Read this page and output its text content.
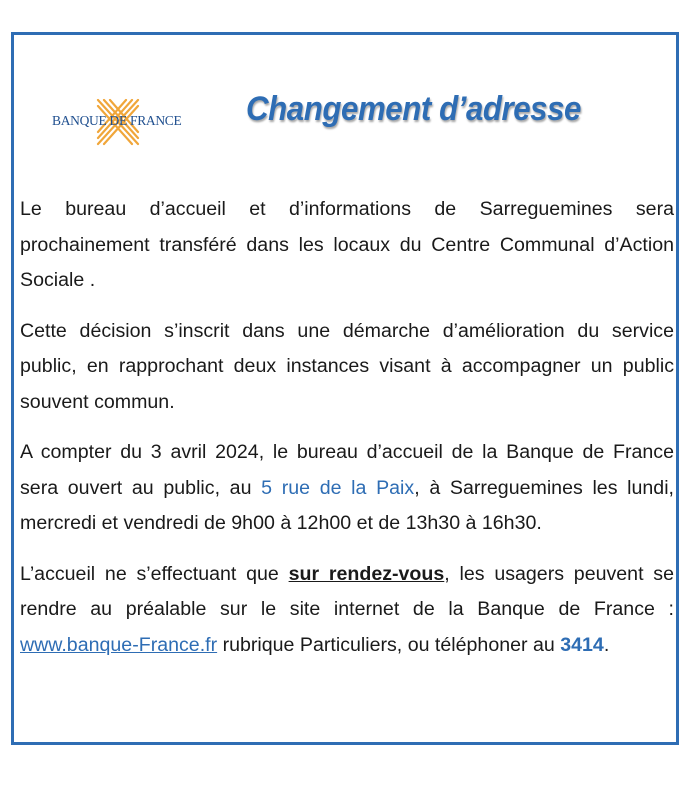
BANQUE DE FRANCE Changement d’adresse

Le bureau d’accueil et d’informations de Sarreguemines sera prochainement transféré dans les locaux du Centre Communal d’Action Sociale .

Cette décision s’inscrit dans une démarche d’amélioration du service public, en rapprochant deux instances visant à accompagner un public souvent commun.

A compter du 3 avril 2024, le bureau d’accueil de la Banque de France sera ouvert au public, au 5 rue de la Paix, à Sarreguemines les lundi, mercredi et vendredi de 9h00 à 12h00 et de 13h30 à 16h30.

L’accueil ne s’effectuant que sur rendez-vous, les usagers peuvent se rendre au préalable sur le site internet de la Banque de France : www.banque-France.fr rubrique Particuliers, ou téléphoner au 3414.
